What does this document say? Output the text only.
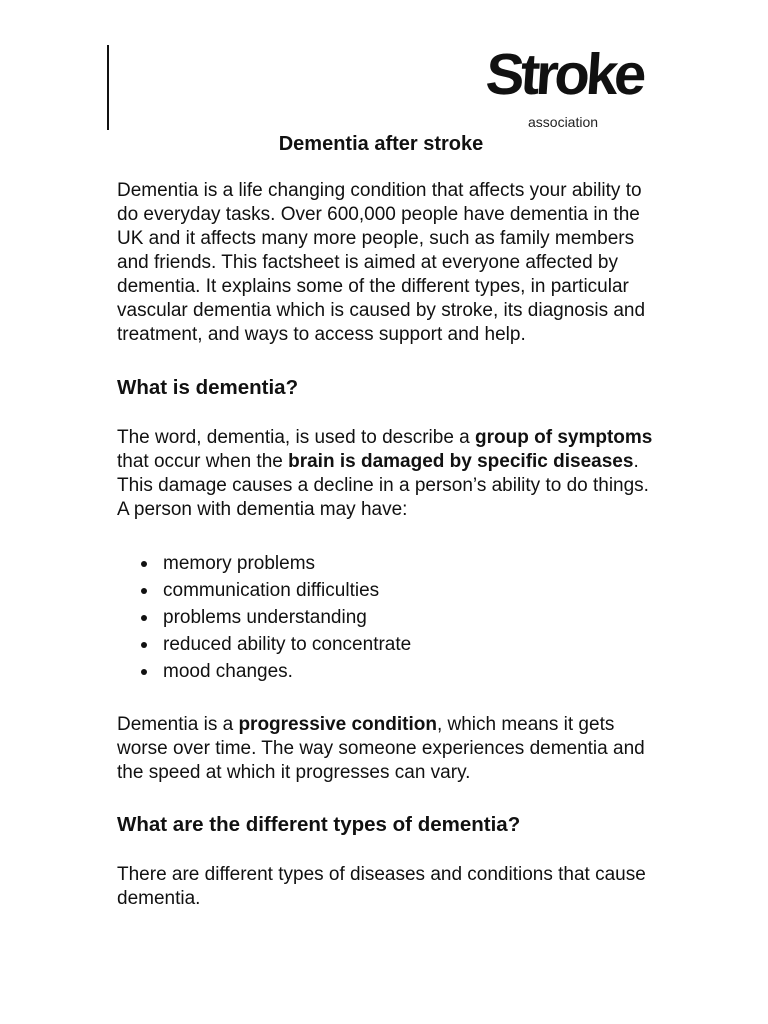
Stroke
association
Dementia after stroke

Dementia is a life changing condition that affects your ability to do everyday tasks. Over 600,000 people have dementia in the UK and it affects many more people, such as family members and friends. This factsheet is aimed at everyone affected by dementia. It explains some of the different types, in particular vascular dementia which is caused by stroke, its diagnosis and treatment, and ways to access support and help.

What is dementia?

The word, dementia, is used to describe a group of symptoms that occur when the brain is damaged by specific diseases. This damage causes a decline in a person’s ability to do things. A person with dementia may have:

memory problems
communication difficulties
problems understanding
reduced ability to concentrate
mood changes.

Dementia is a progressive condition, which means it gets worse over time. The way someone experiences dementia and the speed at which it progresses can vary.

What are the different types of dementia?

There are different types of diseases and conditions that cause dementia.
